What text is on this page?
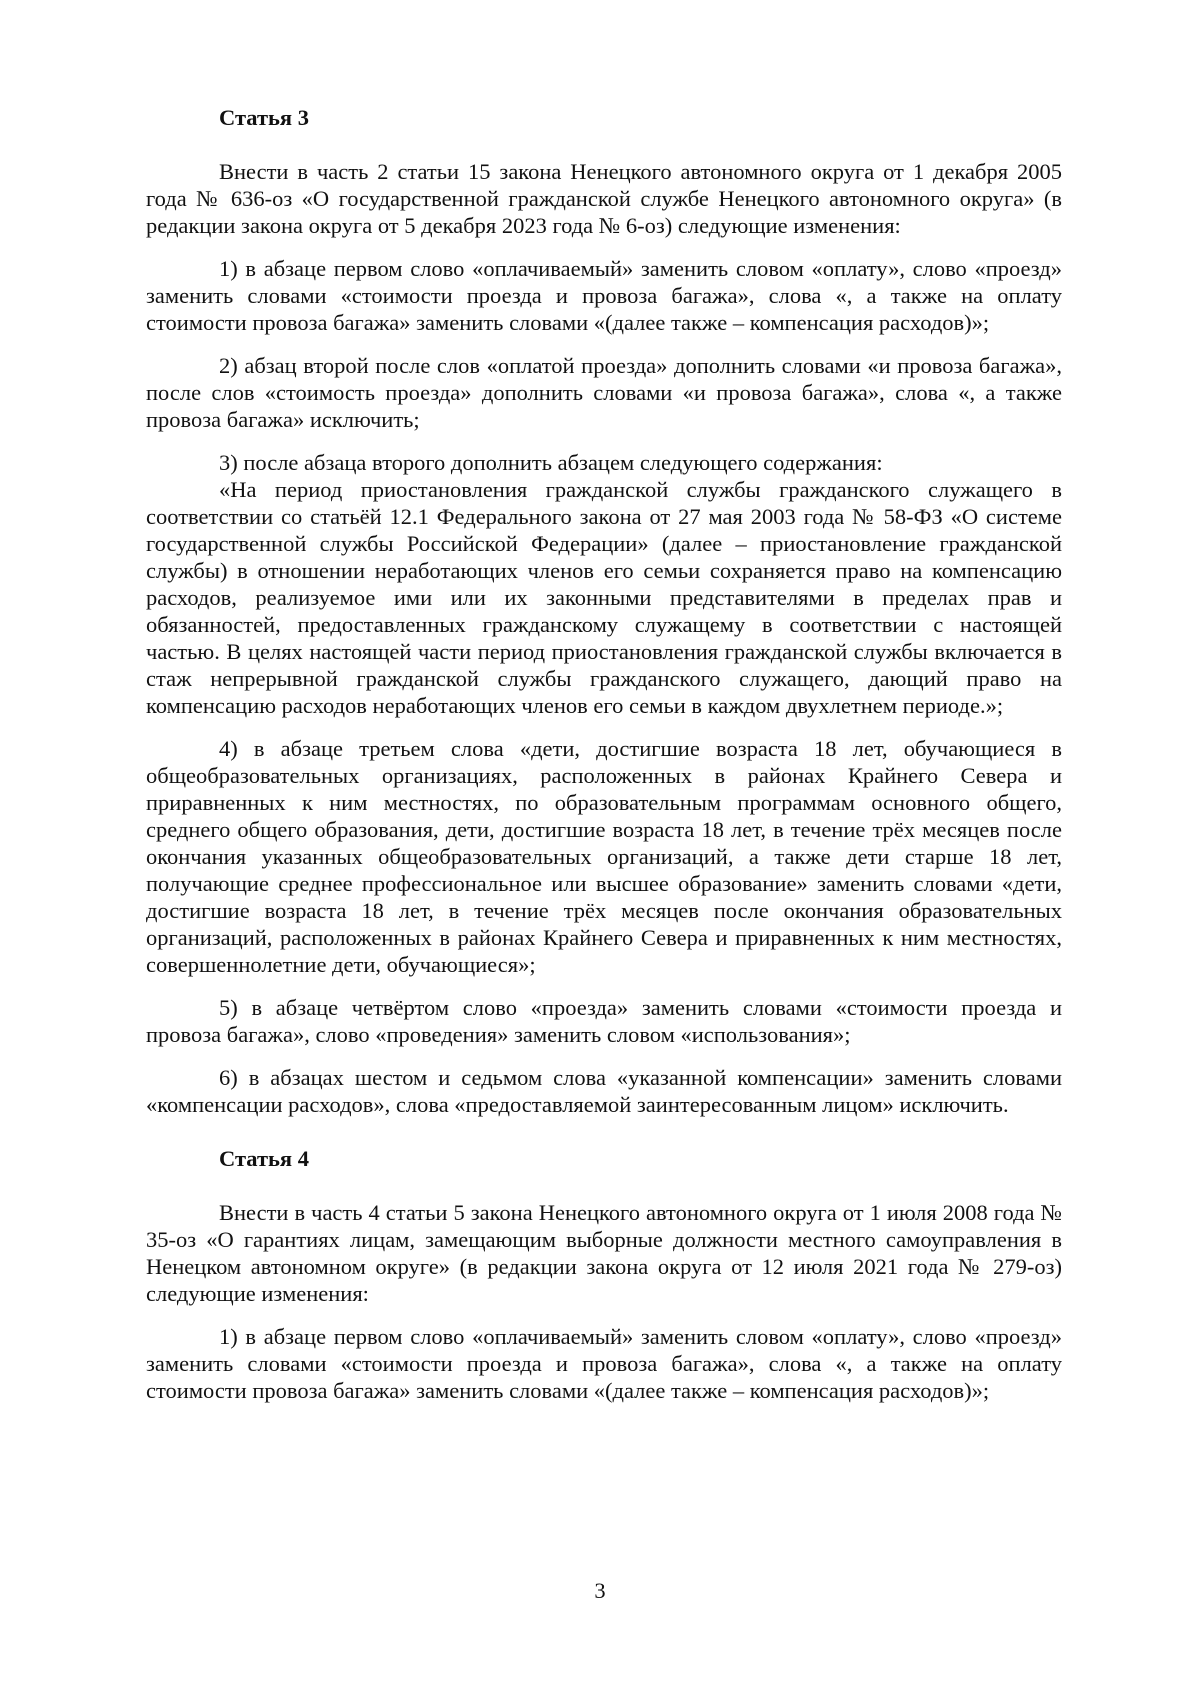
Статья 3

Внести в часть 2 статьи 15 закона Ненецкого автономного округа от 1 декабря 2005 года № 636-оз «О государственной гражданской службе Ненецкого автономного округа» (в редакции закона округа от 5 декабря 2023 года № 6-оз) следующие изменения:

1) в абзаце первом слово «оплачиваемый» заменить словом «оплату», слово «проезд» заменить словами «стоимости проезда и провоза багажа», слова «, а также на оплату стоимости провоза багажа» заменить словами «(далее также – компенсация расходов)»;

2) абзац второй после слов «оплатой проезда» дополнить словами «и провоза багажа», после слов «стоимость проезда» дополнить словами «и провоза багажа», слова «, а также провоза багажа» исключить;

3) после абзаца второго дополнить абзацем следующего содержания:

«На период приостановления гражданской службы гражданского служащего в соответствии со статьёй 12.1 Федерального закона от 27 мая 2003 года № 58-ФЗ «О системе государственной службы Российской Федерации» (далее – приостановление гражданской службы) в отношении неработающих членов его семьи сохраняется право на компенсацию расходов, реализуемое ими или их законными представителями в пределах прав и обязанностей, предоставленных гражданскому служащему в соответствии с настоящей частью. В целях настоящей части период приостановления гражданской службы включается в стаж непрерывной гражданской службы гражданского служащего, дающий право на компенсацию расходов неработающих членов его семьи в каждом двухлетнем периоде.»;

4) в абзаце третьем слова «дети, достигшие возраста 18 лет, обучающиеся в общеобразовательных организациях, расположенных в районах Крайнего Севера и приравненных к ним местностях, по образовательным программам основного общего, среднего общего образования, дети, достигшие возраста 18 лет, в течение трёх месяцев после окончания указанных общеобразовательных организаций, а также дети старше 18 лет, получающие среднее профессиональное или высшее образование» заменить словами «дети, достигшие возраста 18 лет, в течение трёх месяцев после окончания образовательных организаций, расположенных в районах Крайнего Севера и приравненных к ним местностях, совершеннолетние дети, обучающиеся»;

5) в абзаце четвёртом слово «проезда» заменить словами «стоимости проезда и провоза багажа», слово «проведения» заменить словом «использования»;

6) в абзацах шестом и седьмом слова «указанной компенсации» заменить словами «компенсации расходов», слова «предоставляемой заинтересованным лицом» исключить.

Статья 4

Внести в часть 4 статьи 5 закона Ненецкого автономного округа от 1 июля 2008 года № 35-оз «О гарантиях лицам, замещающим выборные должности местного самоуправления в Ненецком автономном округе» (в редакции закона округа от 12 июля 2021 года № 279-оз) следующие изменения:

1) в абзаце первом слово «оплачиваемый» заменить словом «оплату», слово «проезд» заменить словами «стоимости проезда и провоза багажа», слова «, а также на оплату стоимости провоза багажа» заменить словами «(далее также – компенсация расходов)»;

3
